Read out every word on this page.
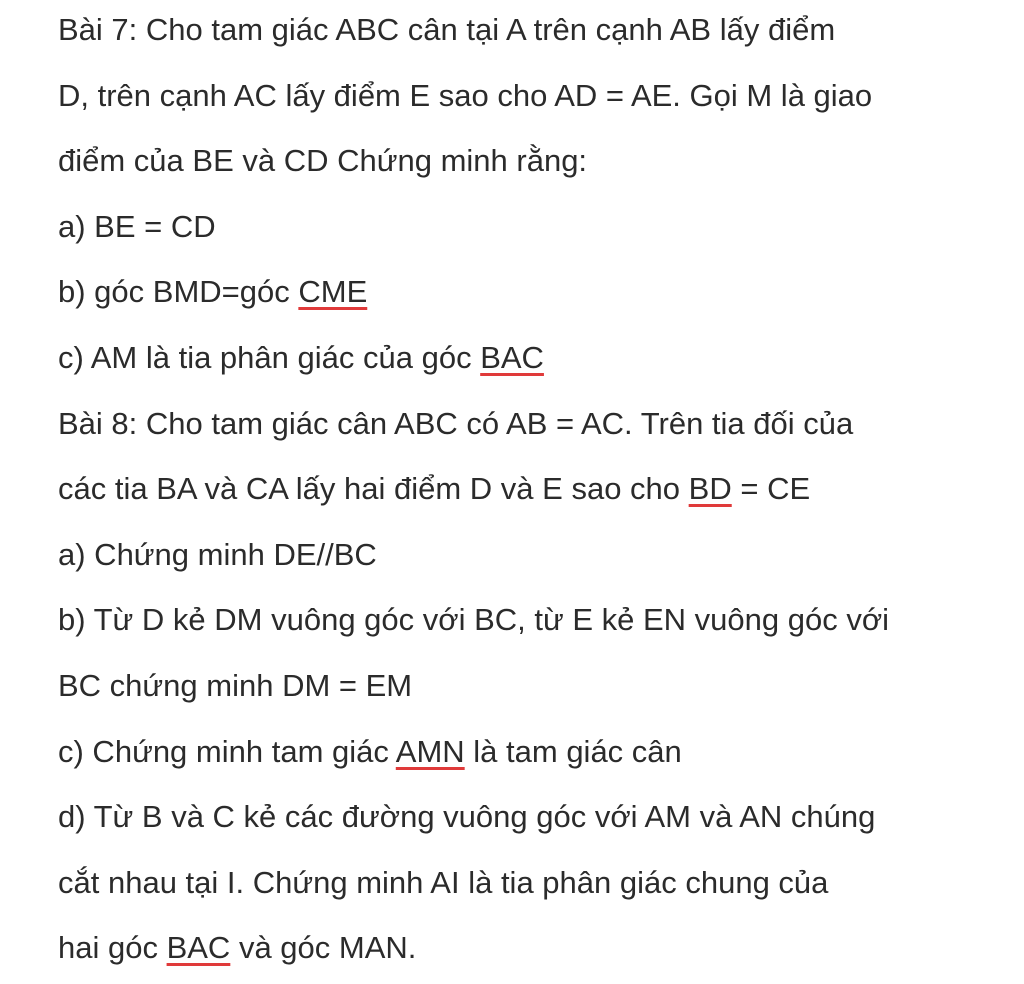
Bài 7: Cho tam giác ABC cân tại A trên cạnh AB lấy điểm
D, trên cạnh AC lấy điểm E sao cho AD = AE. Gọi M là giao
điểm của BE và CD Chứng minh rằng:
a) BE = CD
b) góc BMD=góc CME
c) AM là tia phân giác của góc BAC
Bài 8: Cho tam giác cân ABC có AB = AC. Trên tia đối của
các tia BA và CA lấy hai điểm D và E sao cho BD = CE
a) Chứng minh DE//BC
b) Từ D kẻ DM vuông góc với BC, từ E kẻ EN vuông góc với
BC chứng minh DM = EM
c) Chứng minh tam giác AMN là tam giác cân
d) Từ B và C kẻ các đường vuông góc với AM và AN chúng
cắt nhau tại I. Chứng minh AI là tia phân giác chung của
hai góc BAC và góc MAN.
